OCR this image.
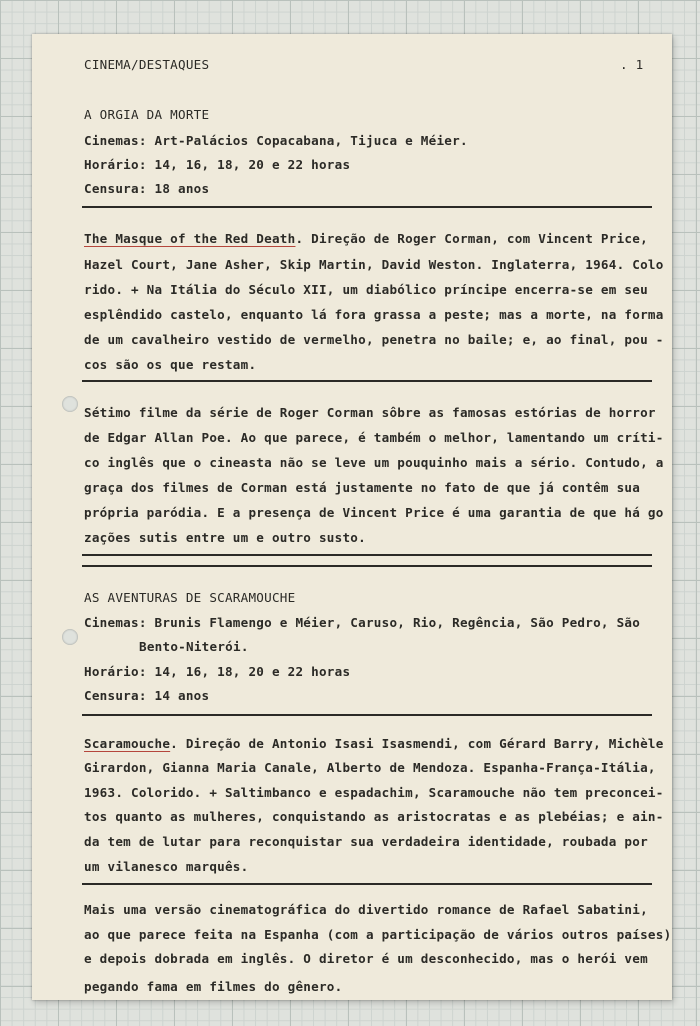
CINEMA/DESTAQUES	. 1

A ORGIA DA MORTE

Cinemas: Art-Palácios Copacabana, Tijuca e Méier.

Horário: 14, 16, 18, 20 e 22 horas

Censura: 18 anos

The Masque of the Red Death. Direção de Roger Corman, com Vincent Price,

Hazel Court, Jane Asher, Skip Martin, David Weston. Inglaterra, 1964. Colo

rido. + Na Itália do Século XII, um diabólico príncipe encerra-se em seu

esplêndido castelo, enquanto lá fora grassa a peste; mas a morte, na forma

de um cavalheiro vestido de vermelho, penetra no baile; e, ao final, pou -

cos são os que restam.

Sétimo filme da série de Roger Corman sôbre as famosas estórias de horror

de Edgar Allan Poe. Ao que parece, é também o melhor, lamentando um críti-

co inglês que o cineasta não se leve um pouquinho mais a sério. Contudo, a

graça dos filmes de Corman está justamente no fato de que já contêm sua

própria paródia. E a presença de Vincent Price é uma garantia de que há go

zações sutis entre um e outro susto.

AS AVENTURAS DE SCARAMOUCHE

Cinemas: Brunis Flamengo e Méier, Caruso, Rio, Regência, São Pedro, São

Bento-Niterói.

Horário: 14, 16, 18, 20 e 22 horas

Censura: 14 anos

Scaramouche. Direção de Antonio Isasi Isasmendi, com Gérard Barry, Michèle

Girardon, Gianna Maria Canale, Alberto de Mendoza. Espanha-França-Itália,

1963. Colorido. + Saltimbanco e espadachim, Scaramouche não tem preconcei-

tos quanto as mulheres, conquistando as aristocratas e as plebéias; e ain-

da tem de lutar para reconquistar sua verdadeira identidade, roubada por

um vilanesco marquês.

Mais uma versão cinematográfica do divertido romance de Rafael Sabatini,

ao que parece feita na Espanha (com a participação de vários outros países)

e depois dobrada em inglês. O diretor é um desconhecido, mas o herói vem

pegando fama em filmes do gênero.
